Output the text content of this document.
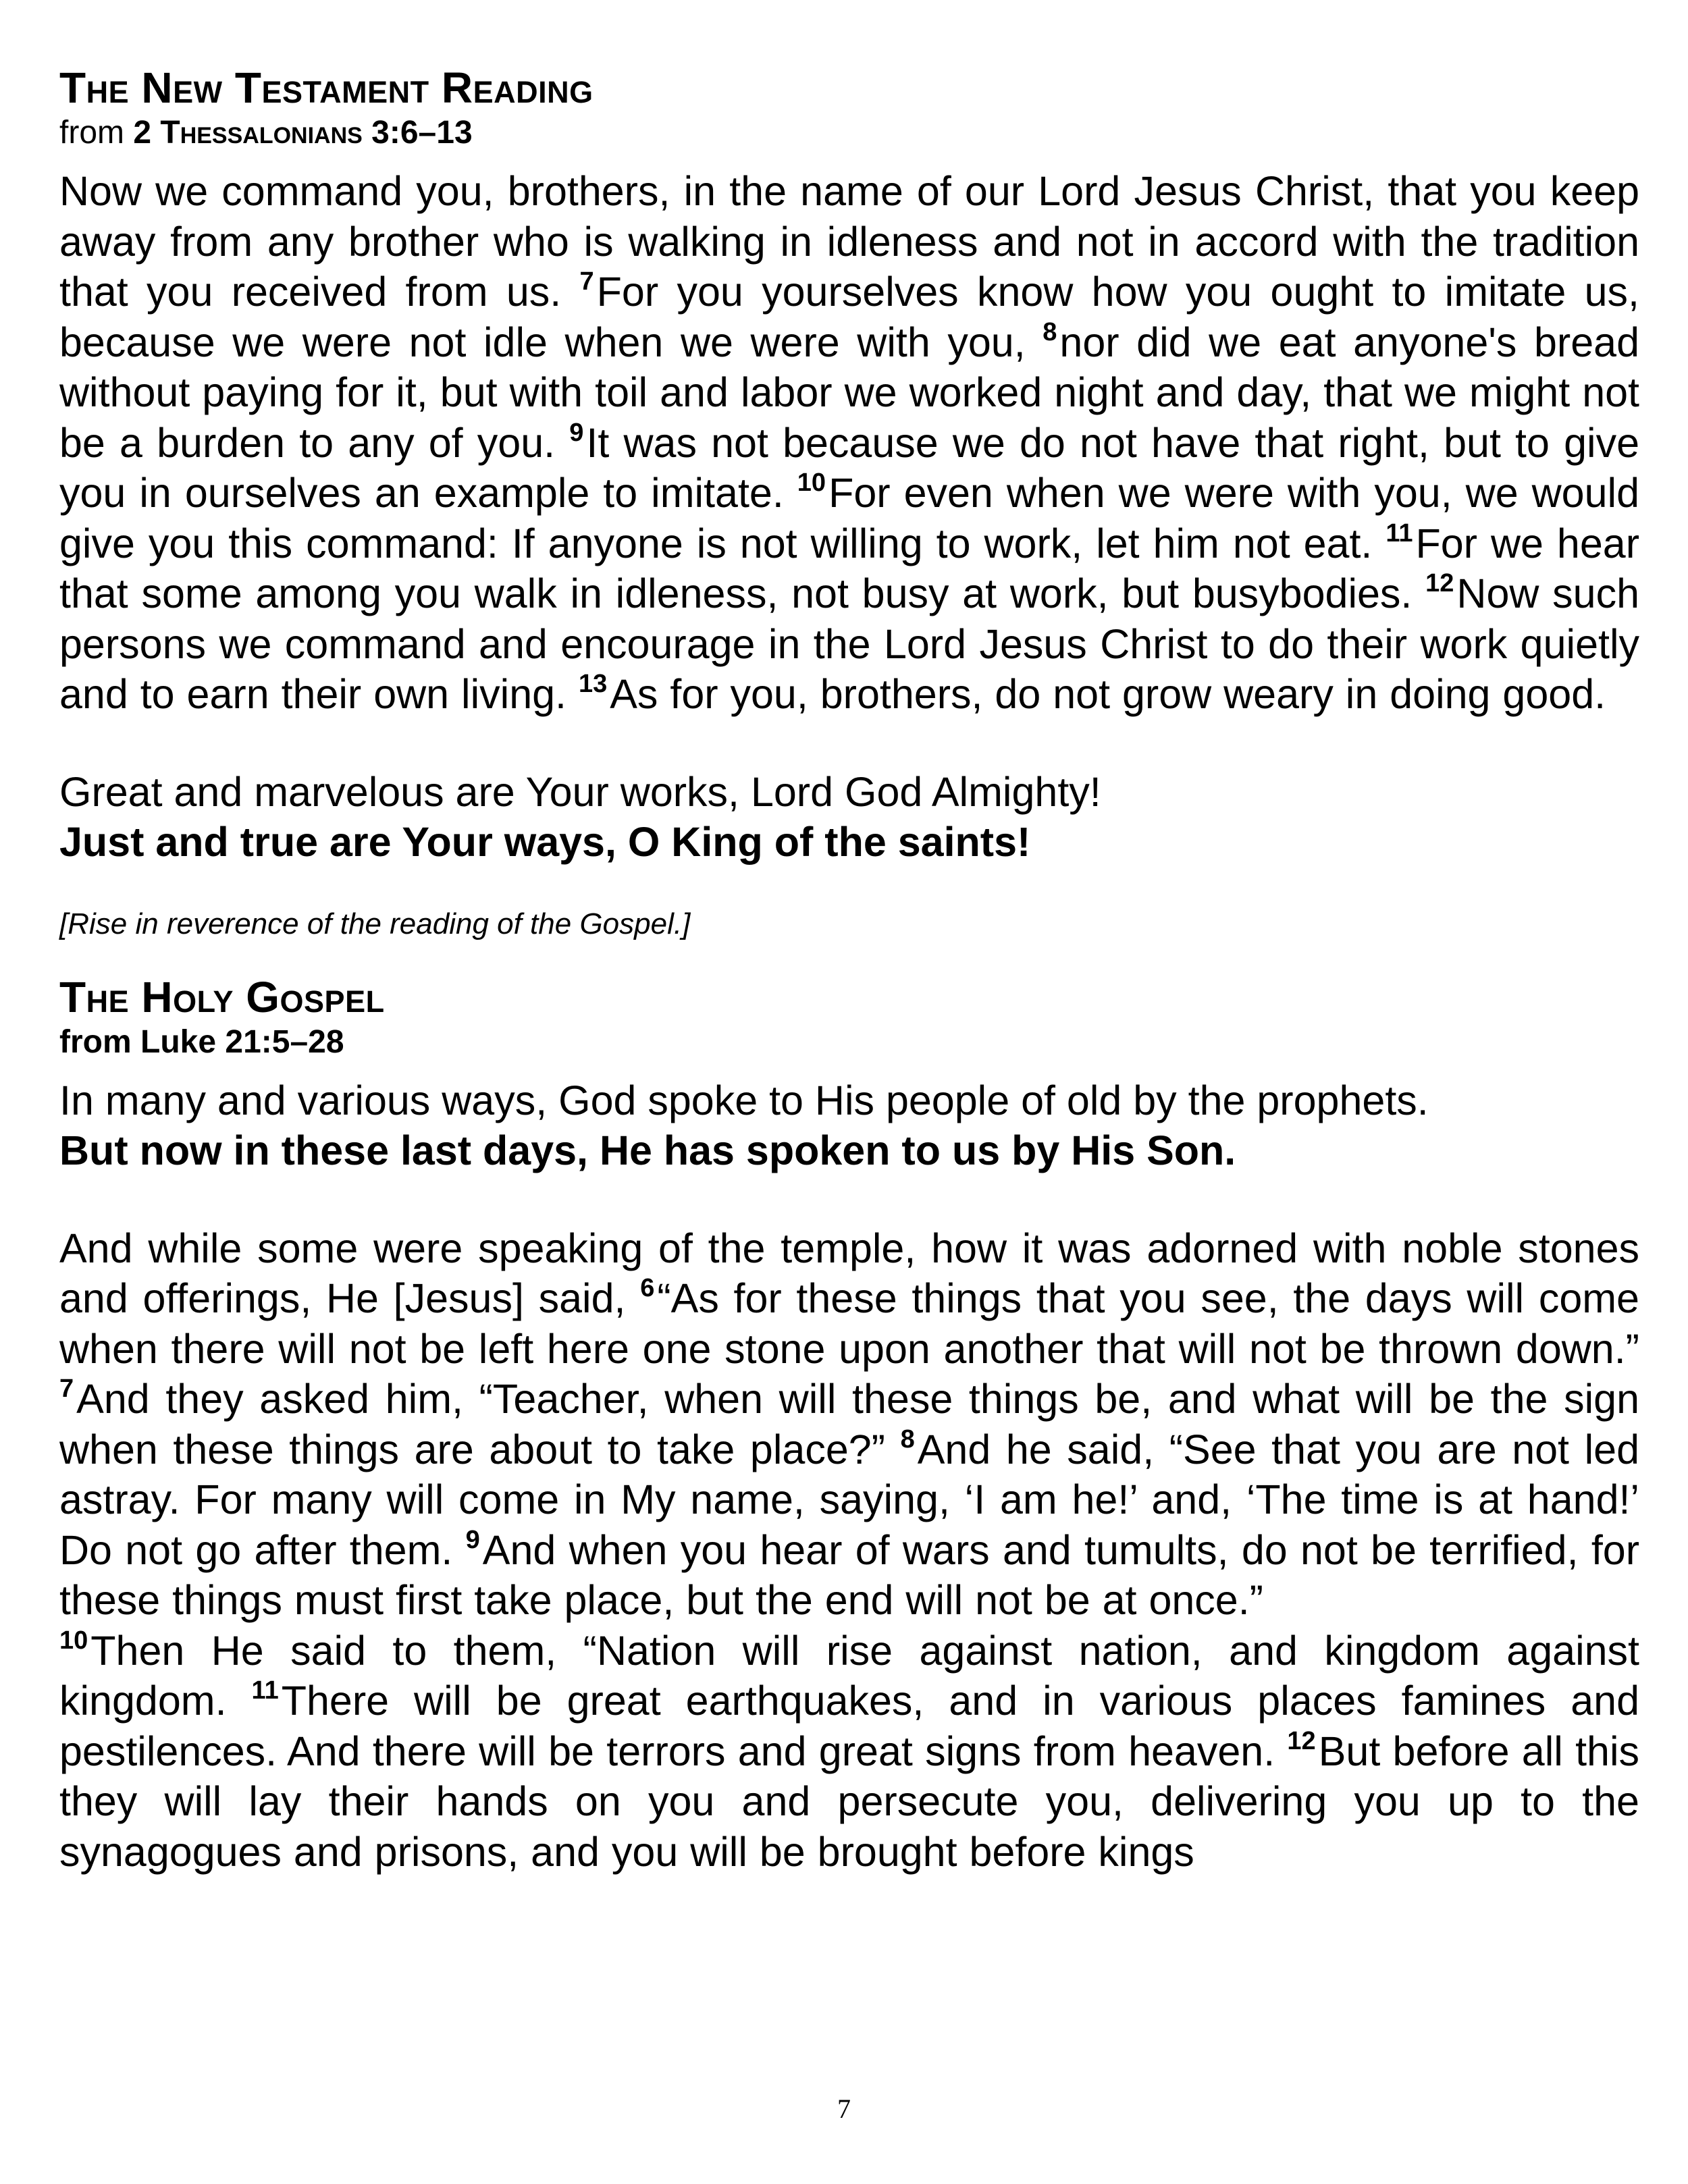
The New Testament Reading

from 2 Thessalonians 3:6–13

Now we command you, brothers, in the name of our Lord Jesus Christ, that you keep away from any brother who is walking in idleness and not in accord with the tradition that you received from us. $^7$For you yourselves know how you ought to imitate us, because we were not idle when we were with you, $^8$nor did we eat anyone's bread without paying for it, but with toil and labor we worked night and day, that we might not be a burden to any of you. $^9$It was not because we do not have that right, but to give you in ourselves an example to imitate. $^{10}$For even when we were with you, we would give you this command: If anyone is not willing to work, let him not eat. $^{11}$For we hear that some among you walk in idleness, not busy at work, but busybodies. $^{12}$Now such persons we command and encourage in the Lord Jesus Christ to do their work quietly and to earn their own living. $^{13}$As for you, brothers, do not grow weary in doing good.

Great and marvelous are Your works, Lord God Almighty!

Just and true are Your ways, O King of the saints!

[Rise in reverence of the reading of the Gospel.]

The Holy Gospel

from Luke 21:5–28

In many and various ways, God spoke to His people of old by the prophets.

But now in these last days, He has spoken to us by His Son.

And while some were speaking of the temple, how it was adorned with noble stones and offerings, He [Jesus] said, $^6$“As for these things that you see, the days will come when there will not be left here one stone upon another that will not be thrown down.” $^7$And they asked him, “Teacher, when will these things be, and what will be the sign when these things are about to take place?” $^8$And he said, “See that you are not led astray. For many will come in My name, saying, ‘I am he!’ and, ‘The time is at hand!’ Do not go after them. $^9$And when you hear of wars and tumults, do not be terrified, for these things must first take place, but the end will not be at once.”

$^{10}$Then He said to them, “Nation will rise against nation, and kingdom against kingdom. $^{11}$There will be great earthquakes, and in various places famines and pestilences. And there will be terrors and great signs from heaven. $^{12}$But before all this they will lay their hands on you and persecute you, delivering you up to the synagogues and prisons, and you will be brought before kings

7
